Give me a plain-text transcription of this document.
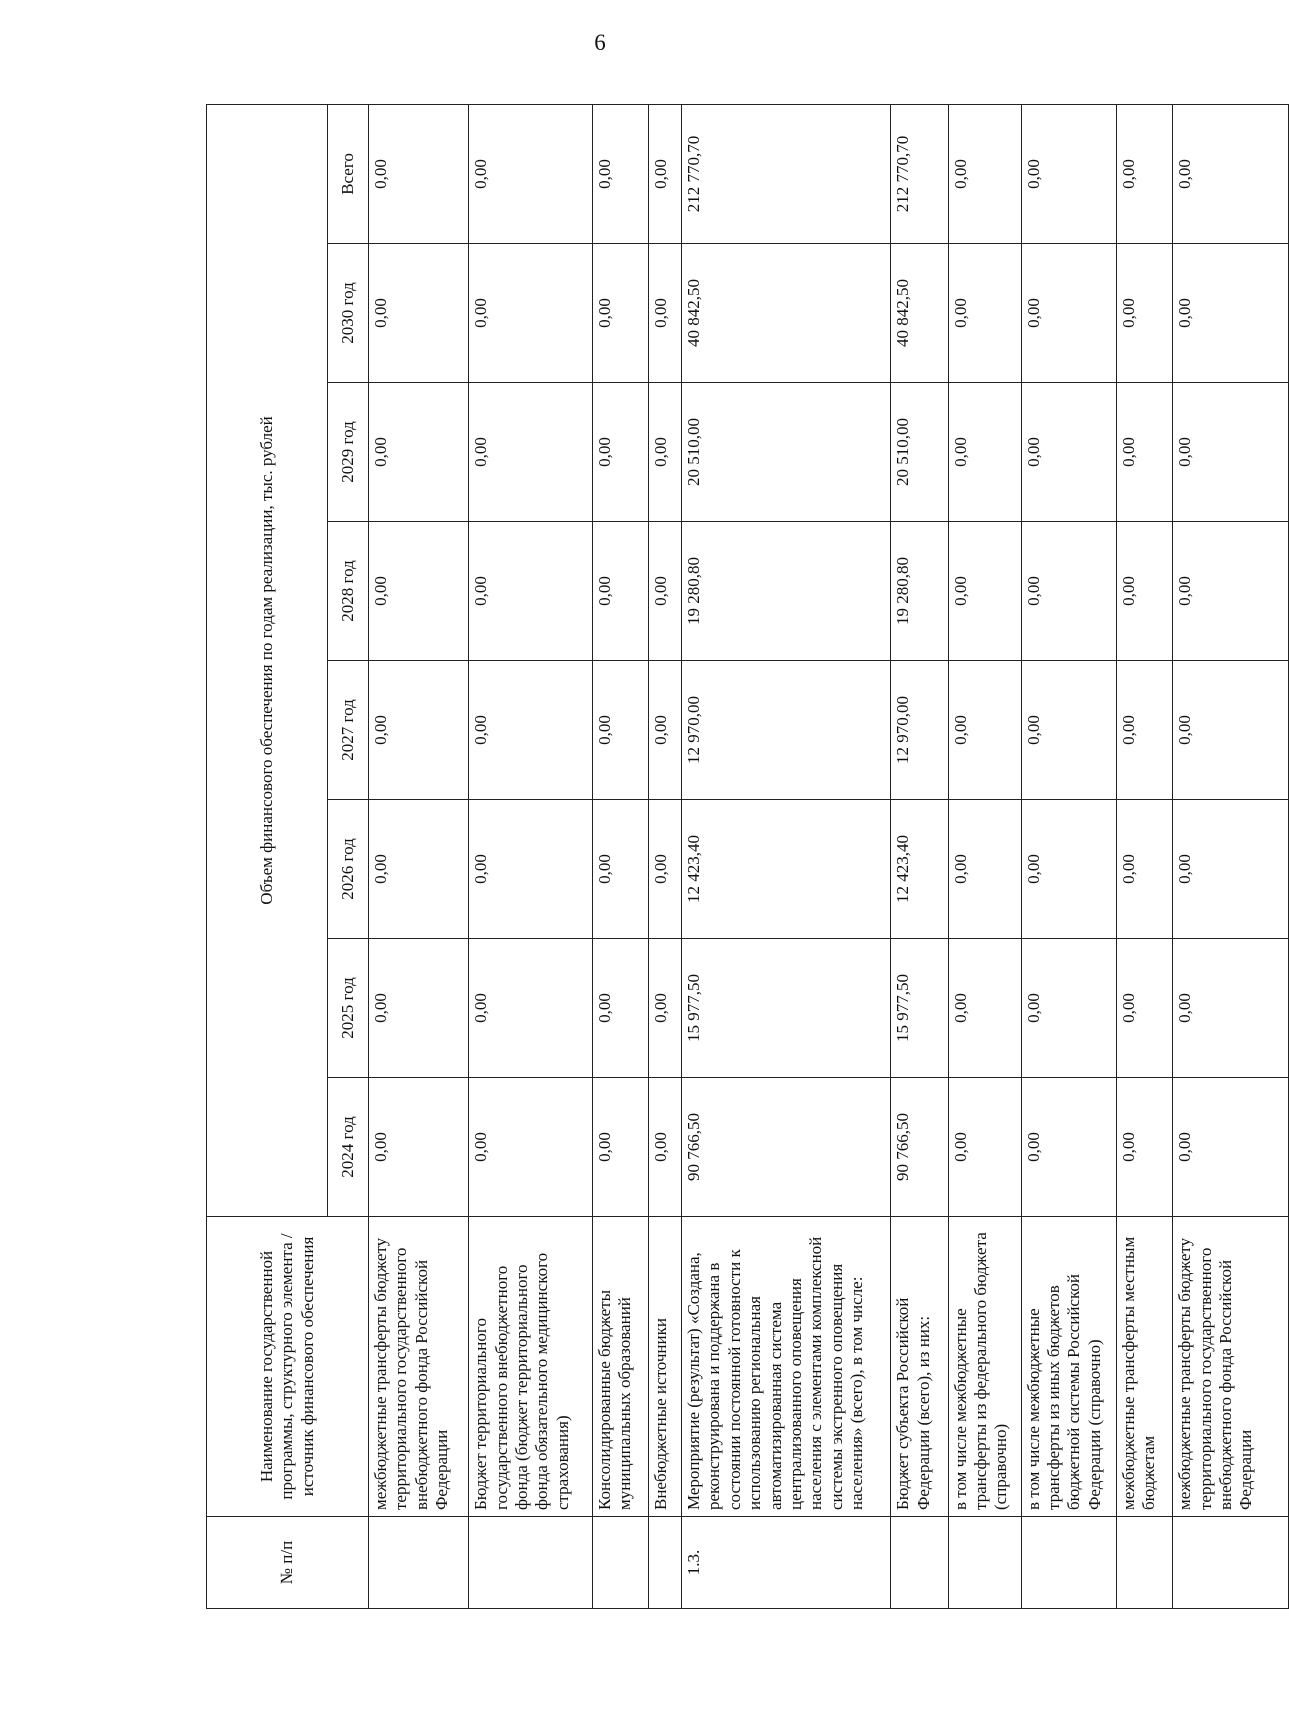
6
№ п/п	Наименование государственной программы, структурного элемента / источник финансового обеспечения	Объем финансового обеспечения по годам реализации, тыс. рублей							
		2024 год	2025 год	2026 год	2027 год	2028 год	2029 год	2030 год	Всего
	межбюджетные трансферты бюджету территориального государственного внебюджетного фонда Российской Федерации	0,00	0,00	0,00	0,00	0,00	0,00	0,00	0,00
	Бюджет территориального государственного внебюджетного фонда (бюджет территориального фонда обязательного медицинского страхования)	0,00	0,00	0,00	0,00	0,00	0,00	0,00	0,00
	Консолидированные бюджеты муниципальных образований	0,00	0,00	0,00	0,00	0,00	0,00	0,00	0,00
	Внебюджетные источники	0,00	0,00	0,00	0,00	0,00	0,00	0,00	0,00
1.3.	Мероприятие (результат) «Создана, реконструирована и поддержана в состоянии постоянной готовности к использованию региональная автоматизированная система централизованного оповещения населения с элементами комплексной системы экстренного оповещения населения» (всего), в том числе:	90 766,50	15 977,50	12 423,40	12 970,00	19 280,80	20 510,00	40 842,50	212 770,70
	Бюджет субъекта Российской Федерации (всего), из них:	90 766,50	15 977,50	12 423,40	12 970,00	19 280,80	20 510,00	40 842,50	212 770,70
	в том числе межбюджетные трансферты из федерального бюджета (справочно)	0,00	0,00	0,00	0,00	0,00	0,00	0,00	0,00
	в том числе межбюджетные трансферты из иных бюджетов бюджетной системы Российской Федерации (справочно)	0,00	0,00	0,00	0,00	0,00	0,00	0,00	0,00
	межбюджетные трансферты местным бюджетам	0,00	0,00	0,00	0,00	0,00	0,00	0,00	0,00
	межбюджетные трансферты бюджету территориального государственного внебюджетного фонда Российской Федерации	0,00	0,00	0,00	0,00	0,00	0,00	0,00	0,00
